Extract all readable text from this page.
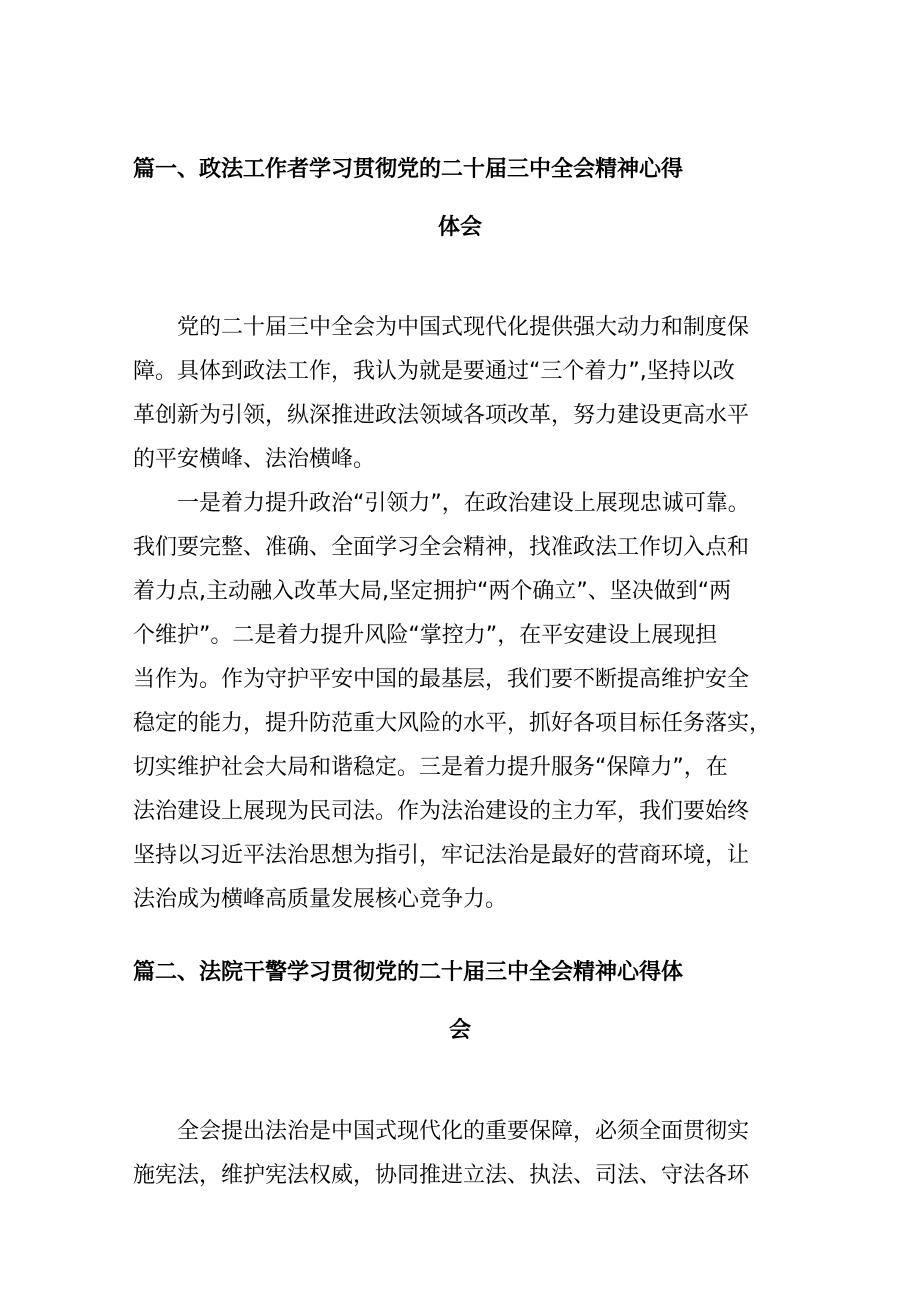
篇一、政法工作者学习贯彻党的二十届三中全会精神心得
体会

党的二十届三中全会为中国式现代化提供强大动力和制度保

障。具体到政法工作，我认为就是要通过“三个着力”,坚持以改

革创新为引领，纵深推进政法领域各项改革，努力建设更高水平

的平安横峰、法治横峰。

一是着力提升政治“引领力”，在政治建设上展现忠诚可靠。

我们要完整、准确、全面学习全会精神，找准政法工作切入点和

着力点,主动融入改革大局,坚定拥护“两个确立”、坚决做到“两

个维护”。二是着力提升风险“掌控力”，在平安建设上展现担

当作为。作为守护平安中国的最基层，我们要不断提高维护安全

稳定的能力，提升防范重大风险的水平，抓好各项目标任务落实，

切实维护社会大局和谐稳定。三是着力提升服务“保障力”，在

法治建设上展现为民司法。作为法治建设的主力军，我们要始终

坚持以习近平法治思想为指引，牢记法治是最好的营商环境，让

法治成为横峰高质量发展核心竞争力。

篇二、法院干警学习贯彻党的二十届三中全会精神心得体
会

全会提出法治是中国式现代化的重要保障，必须全面贯彻实

施宪法，维护宪法权威，协同推进立法、执法、司法、守法各环
